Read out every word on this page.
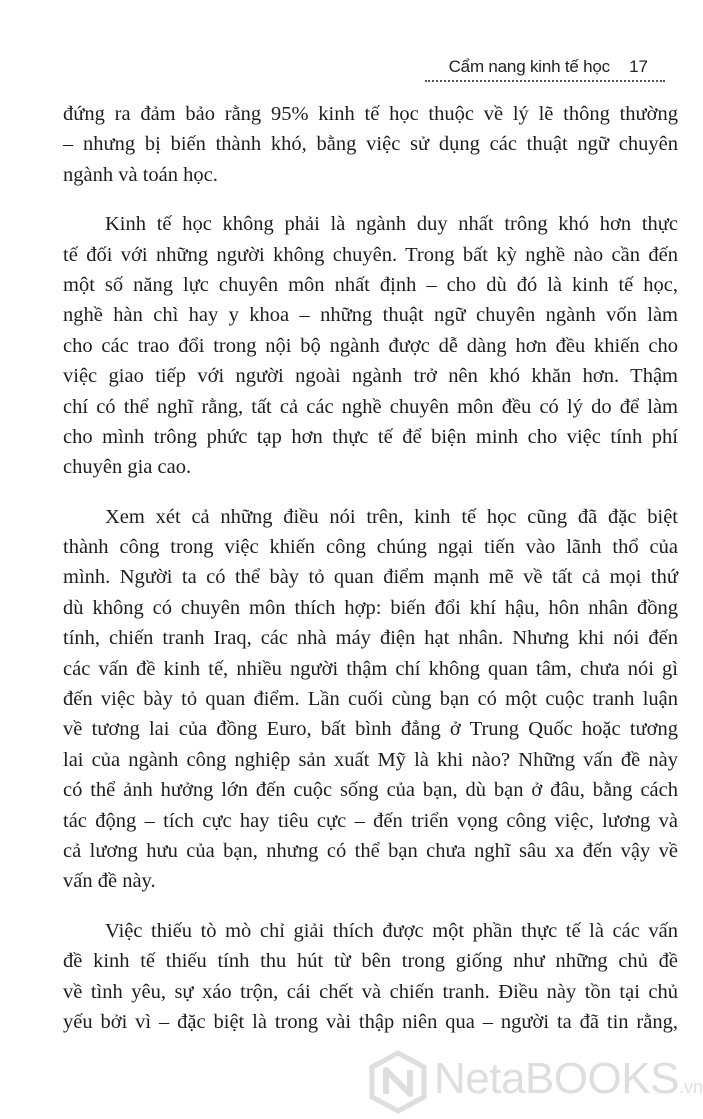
Cẩm nang kinh tế học 17
đứng ra đảm bảo rằng 95% kinh tế học thuộc về lý lẽ thông thường
– nhưng bị biến thành khó, bằng việc sử dụng các thuật ngữ chuyên
ngành và toán học.
Kinh tế học không phải là ngành duy nhất trông khó hơn thực
tế đối với những người không chuyên. Trong bất kỳ nghề nào cần đến
một số năng lực chuyên môn nhất định – cho dù đó là kinh tế học,
nghề hàn chì hay y khoa – những thuật ngữ chuyên ngành vốn làm
cho các trao đổi trong nội bộ ngành được dễ dàng hơn đều khiến cho
việc giao tiếp với người ngoài ngành trở nên khó khăn hơn. Thậm
chí có thể nghĩ rằng, tất cả các nghề chuyên môn đều có lý do để làm
cho mình trông phức tạp hơn thực tế để biện minh cho việc tính phí
chuyên gia cao.
Xem xét cả những điều nói trên, kinh tế học cũng đã đặc biệt
thành công trong việc khiến công chúng ngại tiến vào lãnh thổ của
mình. Người ta có thể bày tỏ quan điểm mạnh mẽ về tất cả mọi thứ
dù không có chuyên môn thích hợp: biến đổi khí hậu, hôn nhân đồng
tính, chiến tranh Iraq, các nhà máy điện hạt nhân. Nhưng khi nói đến
các vấn đề kinh tế, nhiều người thậm chí không quan tâm, chưa nói gì
đến việc bày tỏ quan điểm. Lần cuối cùng bạn có một cuộc tranh luận
về tương lai của đồng Euro, bất bình đẳng ở Trung Quốc hoặc tương
lai của ngành công nghiệp sản xuất Mỹ là khi nào? Những vấn đề này
có thể ảnh hưởng lớn đến cuộc sống của bạn, dù bạn ở đâu, bằng cách
tác động – tích cực hay tiêu cực – đến triển vọng công việc, lương và
cả lương hưu của bạn, nhưng có thể bạn chưa nghĩ sâu xa đến vậy về
vấn đề này.
Việc thiếu tò mò chỉ giải thích được một phần thực tế là các vấn
đề kinh tế thiếu tính thu hút từ bên trong giống như những chủ đề
về tình yêu, sự xáo trộn, cái chết và chiến tranh. Điều này tồn tại chủ
yếu bởi vì – đặc biệt là trong vài thập niên qua – người ta đã tin rằng,
NetaBOOKS.vn
